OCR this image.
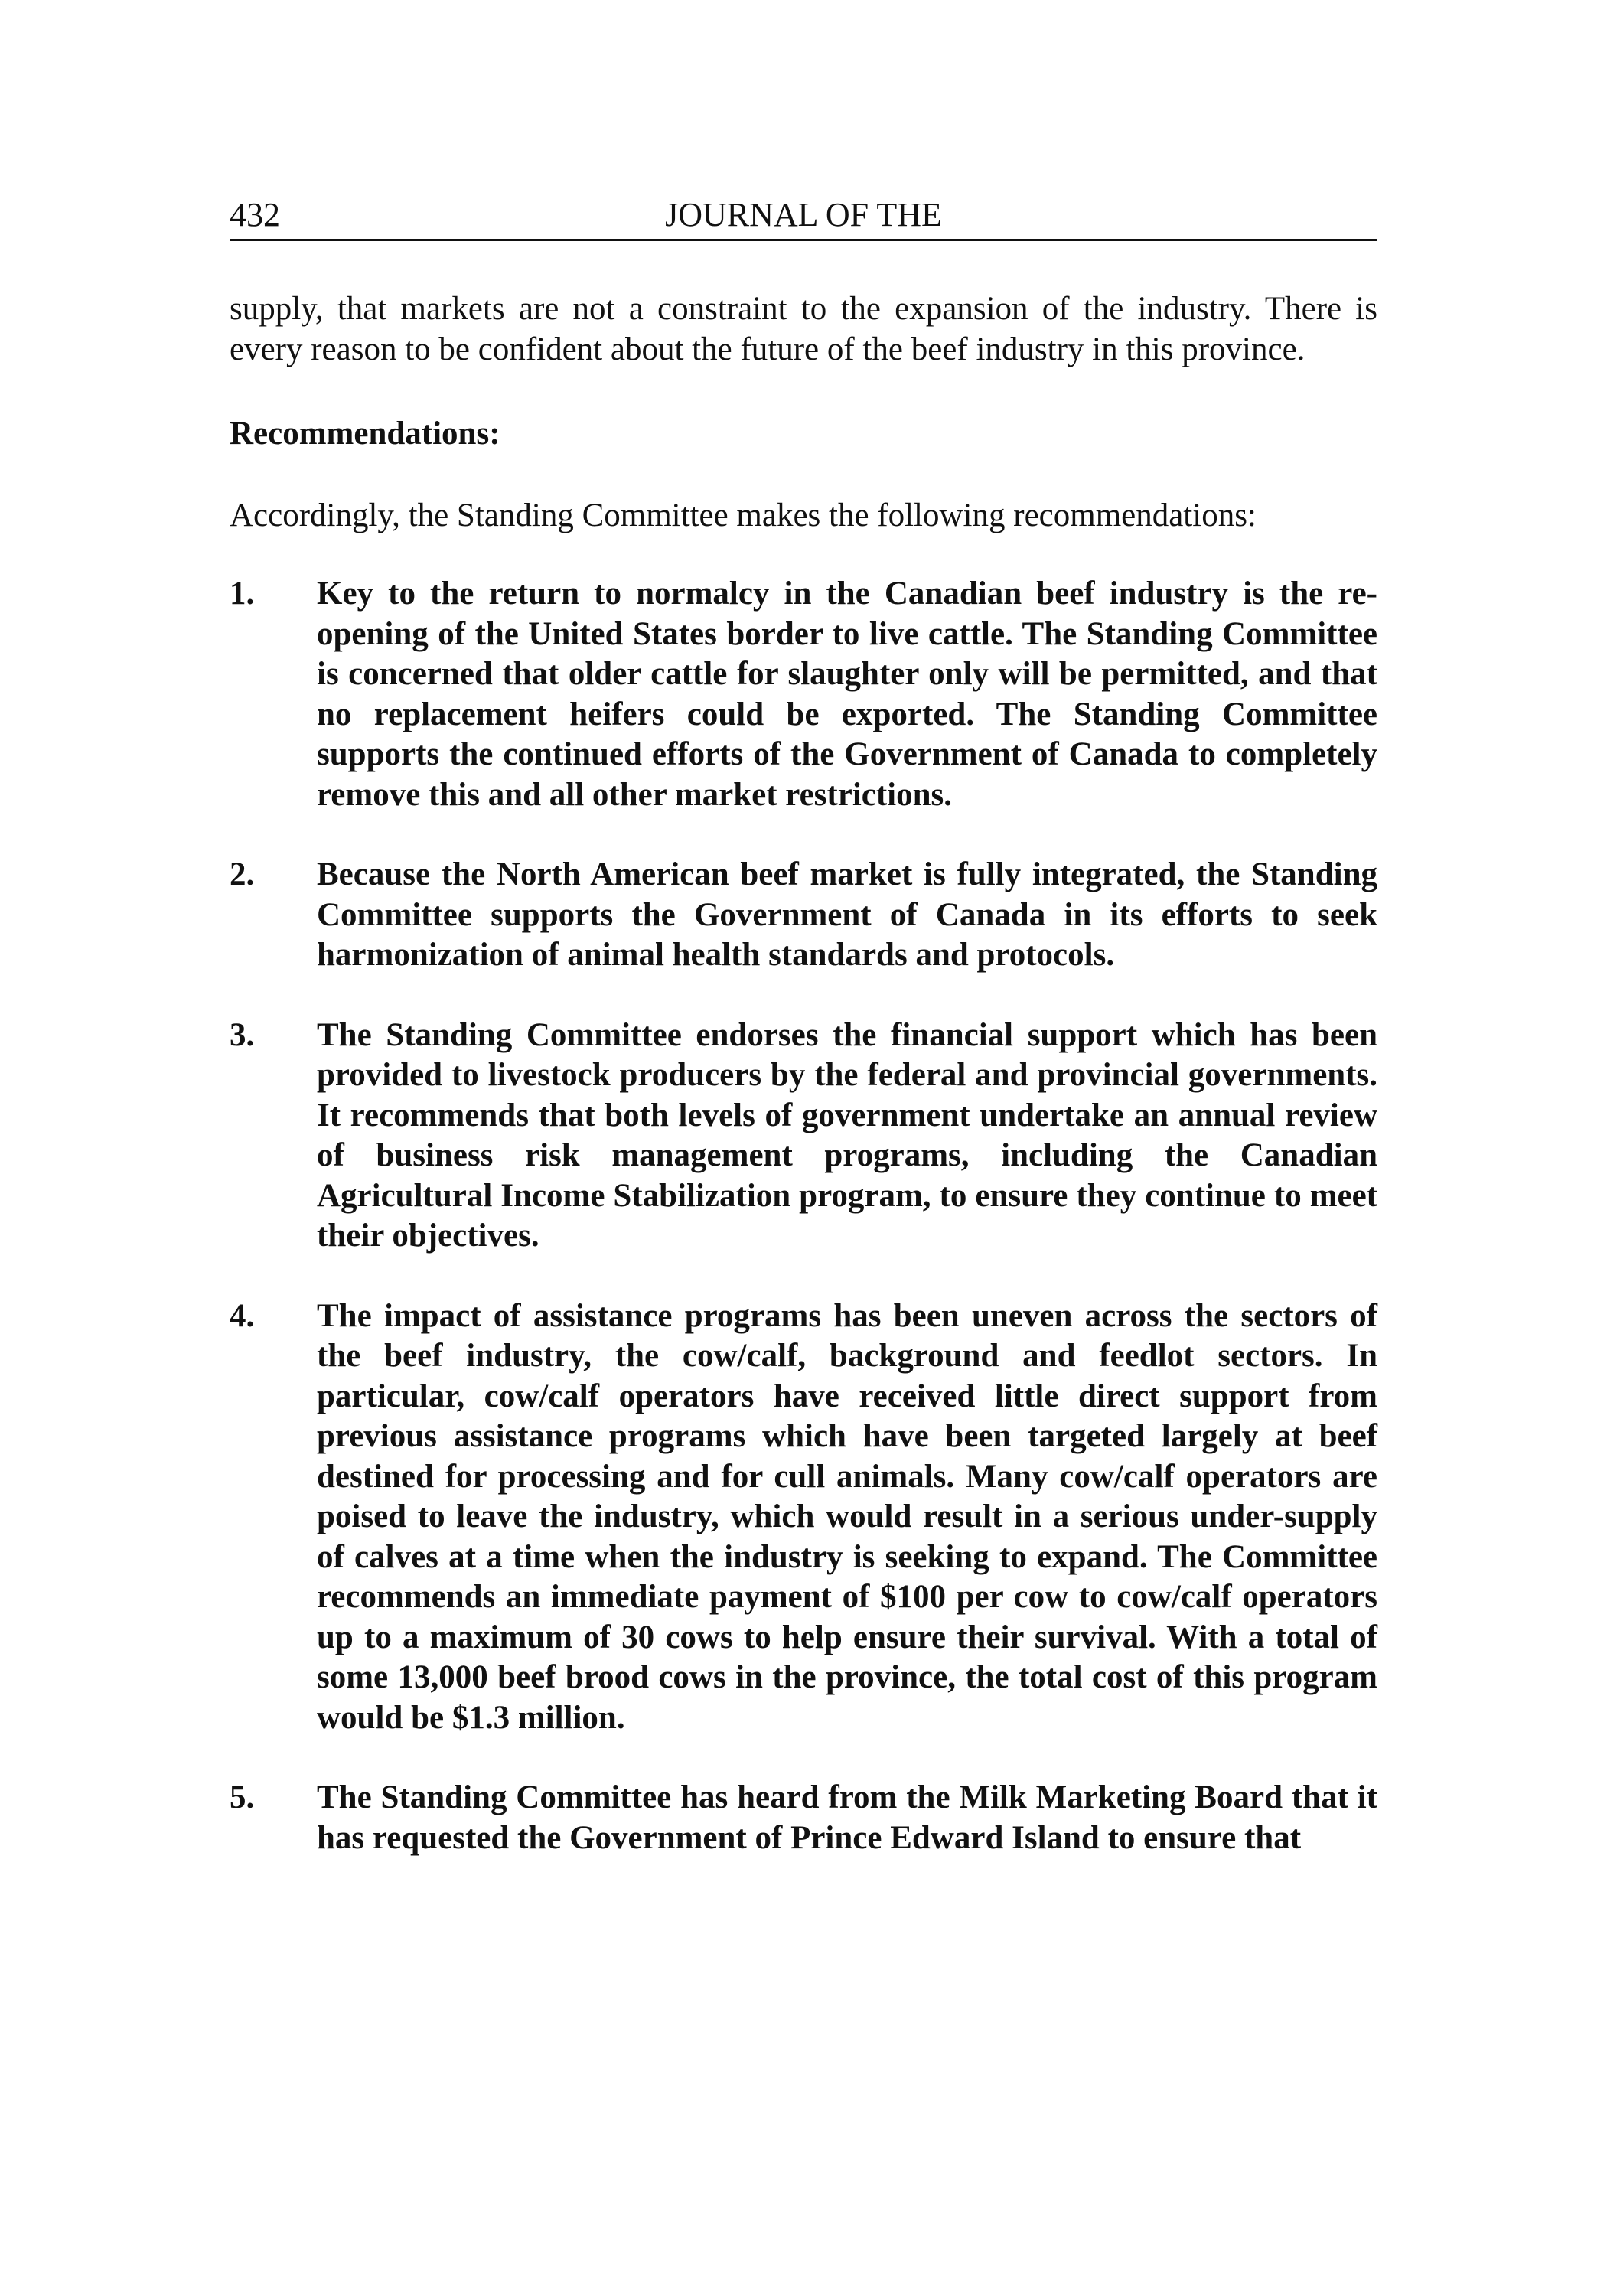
432	JOURNAL OF THE

supply, that markets are not a constraint to the expansion of the industry. There is every reason to be confident about the future of the beef industry in this province.

Recommendations:

Accordingly, the Standing Committee makes the following recommendations:

1. Key to the return to normalcy in the Canadian beef industry is the re-opening of the United States border to live cattle. The Standing Committee is concerned that older cattle for slaughter only will be permitted, and that no replacement heifers could be exported. The Standing Committee supports the continued efforts of the Government of Canada to completely remove this and all other market restrictions.
2. Because the North American beef market is fully integrated, the Standing Committee supports the Government of Canada in its efforts to seek harmonization of animal health standards and protocols.
3. The Standing Committee endorses the financial support which has been provided to livestock producers by the federal and provincial governments. It recommends that both levels of government undertake an annual review of business risk management programs, including the Canadian Agricultural Income Stabilization program, to ensure they continue to meet their objectives.
4. The impact of assistance programs has been uneven across the sectors of the beef industry, the cow/calf, background and feedlot sectors. In particular, cow/calf operators have received little direct support from previous assistance programs which have been targeted largely at beef destined for processing and for cull animals. Many cow/calf operators are poised to leave the industry, which would result in a serious under-supply of calves at a time when the industry is seeking to expand. The Committee recommends an immediate payment of $100 per cow to cow/calf operators up to a maximum of 30 cows to help ensure their survival. With a total of some 13,000 beef brood cows in the province, the total cost of this program would be $1.3 million.
5. The Standing Committee has heard from the Milk Marketing Board that it has requested the Government of Prince Edward Island to ensure that
